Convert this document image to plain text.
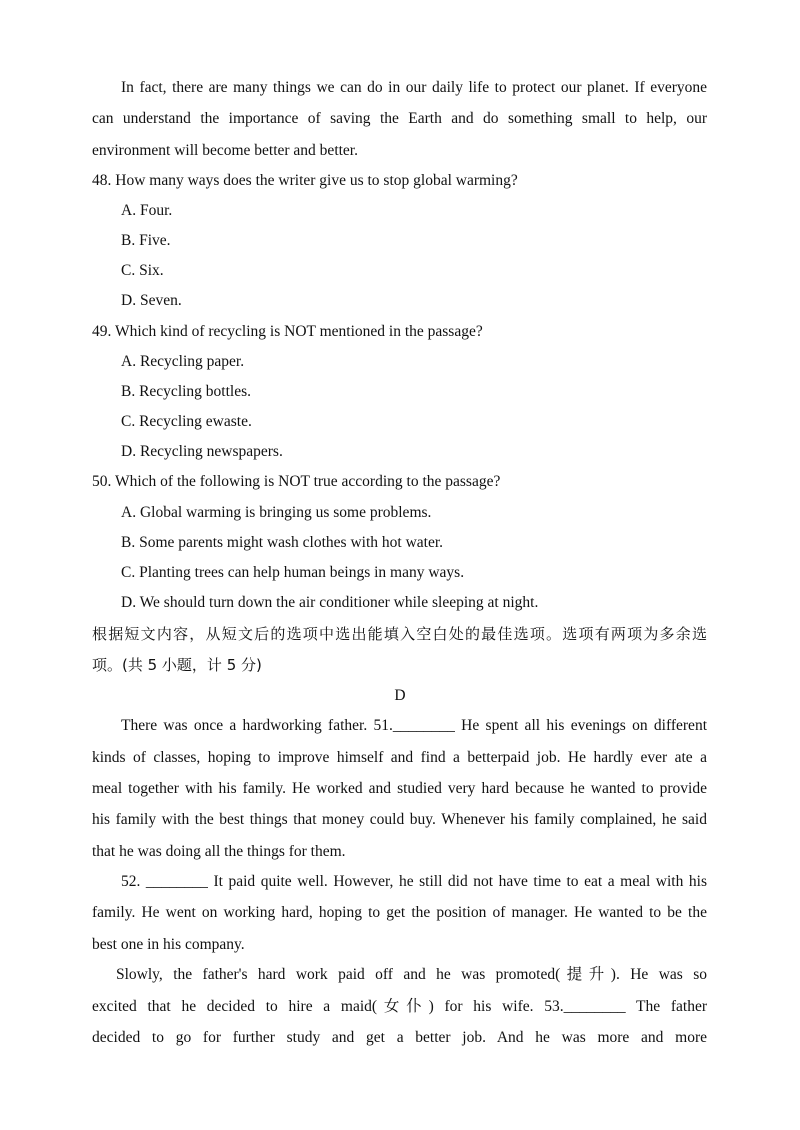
In fact, there are many things we can do in our daily life to protect our planet. If everyone
can understand the importance of saving the Earth and do something small to help, our
environment will become better and better.
48. How many ways does the writer give us to stop global warming?
A. Four.
B. Five.
C. Six.
D. Seven.
49. Which kind of recycling is NOT mentioned in the passage?
A. Recycling paper.
B. Recycling bottles.
C. Recycling ewaste.
D. Recycling newspapers.
50. Which of the following is NOT true according to the passage?
A. Global warming is bringing us some problems.
B. Some parents might wash clothes with hot water.
C. Planting trees can help human beings in many ways.
D. We should turn down the air conditioner while sleeping at night.
根据短文内容，从短文后的选项中选出能填入空白处的最佳选项。选项有两项为多余选
项。(共 5 小题，计 5 分)
D
There was once a hardworking father. 51.________ He spent all his evenings on different
kinds of classes, hoping to improve himself and find a betterpaid job. He hardly ever ate a
meal together with his family. He worked and studied very hard because he wanted to provide
his family with the best things that money could buy. Whenever his family complained, he said
that he was doing all the things for them.
52. ________ It paid quite well. However, he still did not have time to eat a meal with his
family. He went on working hard, hoping to get the position of manager. He wanted to be the
best one in his company.
Slowly, the father's hard work paid off and he was promoted(提升). He was so
excited that he decided to hire a maid(女仆) for his wife. 53.________ The father
decided to go for further study and get a better job. And he was more and more
